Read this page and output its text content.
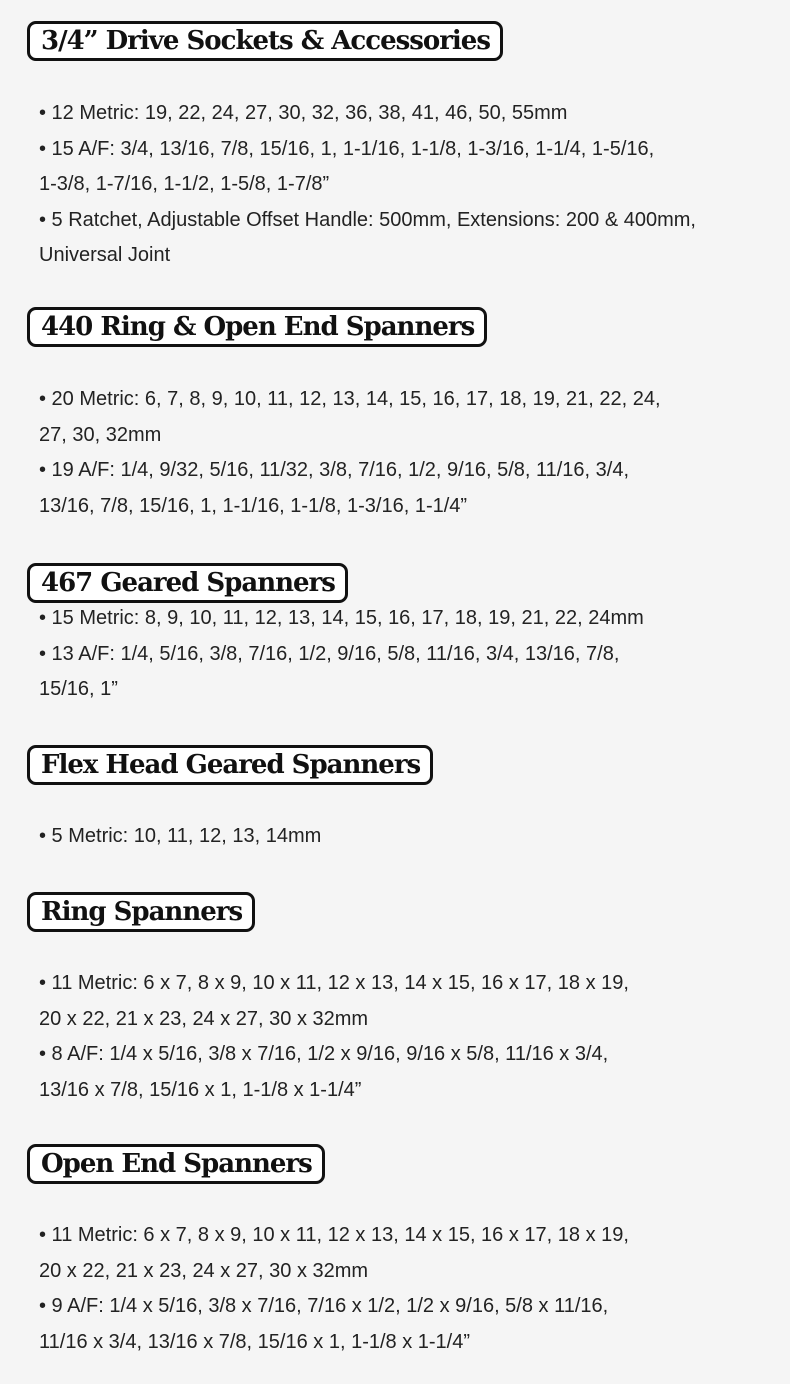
3/4” Drive Sockets & Accessories

• 12 Metric: 19, 22, 24, 27, 30, 32, 36, 38, 41, 46, 50, 55mm

• 15 A/F: 3/4, 13/16, 7/8, 15/16, 1, 1-1/16, 1-1/8, 1-3/16, 1-1/4, 1-5/16,

1-3/8, 1-7/16, 1-1/2, 1-5/8, 1-7/8”

• 5 Ratchet, Adjustable Offset Handle: 500mm, Extensions: 200 & 400mm,

Universal Joint

440 Ring & Open End Spanners

• 20 Metric: 6, 7, 8, 9, 10, 11, 12, 13, 14, 15, 16, 17, 18, 19, 21, 22, 24,

27, 30, 32mm

• 19 A/F: 1/4, 9/32, 5/16, 11/32, 3/8, 7/16, 1/2, 9/16, 5/8, 11/16, 3/4,

13/16, 7/8, 15/16, 1, 1-1/16, 1-1/8, 1-3/16, 1-1/4”

467 Geared Spanners

• 15 Metric: 8, 9, 10, 11, 12, 13, 14, 15, 16, 17, 18, 19, 21, 22, 24mm

• 13 A/F: 1/4, 5/16, 3/8, 7/16, 1/2, 9/16, 5/8, 11/16, 3/4, 13/16, 7/8,

15/16, 1”

Flex Head Geared Spanners

• 5 Metric: 10, 11, 12, 13, 14mm

Ring Spanners

• 11 Metric: 6 x 7, 8 x 9, 10 x 11, 12 x 13, 14 x 15, 16 x 17, 18 x 19,

20 x 22, 21 x 23, 24 x 27, 30 x 32mm

• 8 A/F: 1/4 x 5/16, 3/8 x 7/16, 1/2 x 9/16, 9/16 x 5/8, 11/16 x 3/4,

13/16 x 7/8, 15/16 x 1, 1-1/8 x 1-1/4”

Open End Spanners

• 11 Metric: 6 x 7, 8 x 9, 10 x 11, 12 x 13, 14 x 15, 16 x 17, 18 x 19,

20 x 22, 21 x 23, 24 x 27, 30 x 32mm

• 9 A/F: 1/4 x 5/16, 3/8 x 7/16, 7/16 x 1/2, 1/2 x 9/16, 5/8 x 11/16,

11/16 x 3/4, 13/16 x 7/8, 15/16 x 1, 1-1/8 x 1-1/4”
